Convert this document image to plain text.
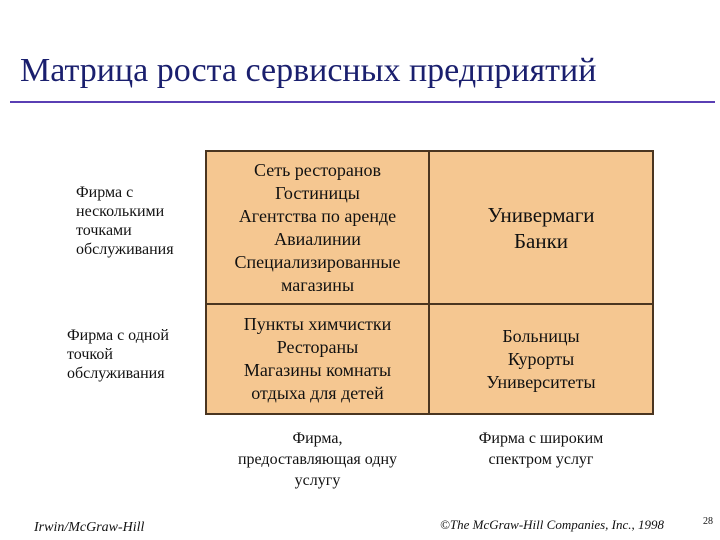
Матрица роста сервисных предприятий
Фирма с
несколькими
точками
обслуживания
Фирма с одной
точкой
обслуживания
Сеть ресторанов
Гостиницы
Агентства по аренде
Авиалинии
Специализированные
магазины
Универмаги
Банки
Пункты химчистки
Рестораны
Магазины комнаты
отдыха для детей
Больницы
Курорты
Университеты
Фирма,
предоставляющая одну
услугу
Фирма с широким
спектром услуг
Irwin/McGraw-Hill	©The McGraw-Hill Companies, Inc., 1998	28
